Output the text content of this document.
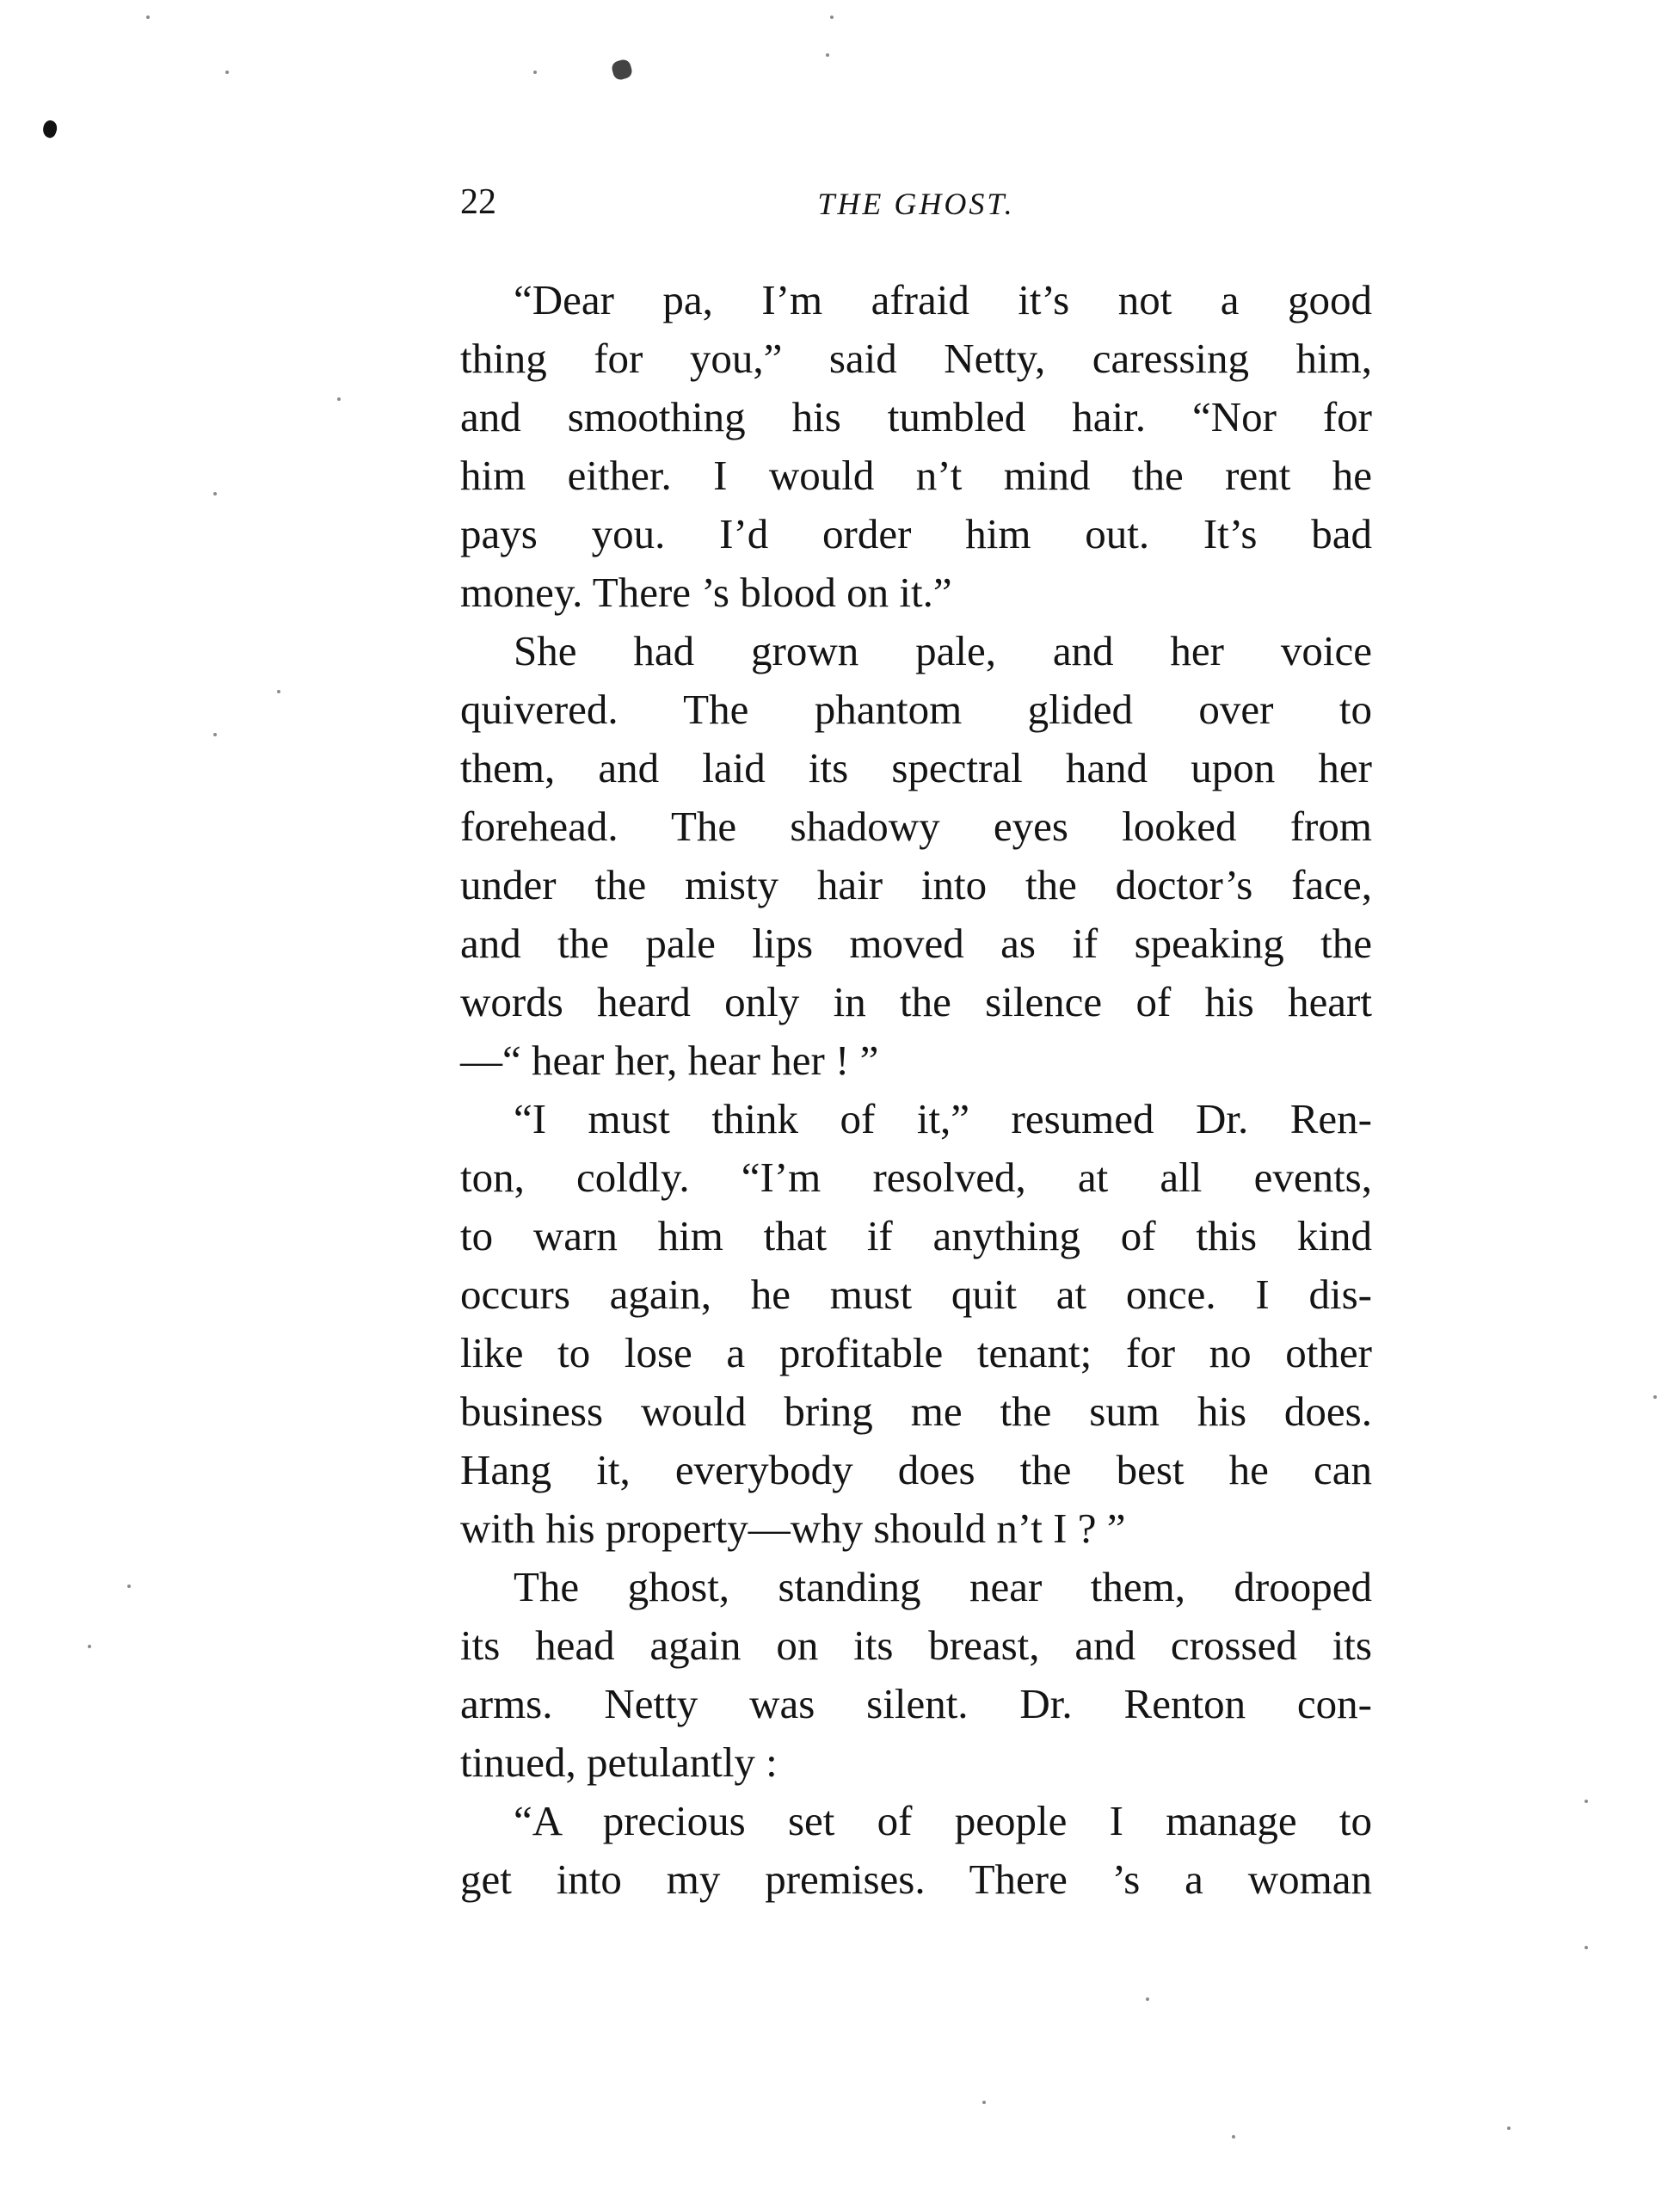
22	THE GHOST.
“Dear pa, I’m afraid it’s not a good
thing for you,” said Netty, caressing him,
and smoothing his tumbled hair. “Nor for
him either. I would n’t mind the rent he
pays you. I’d order him out. It’s bad
money. There ’s blood on it.”
She had grown pale, and her voice
quivered. The phantom glided over to
them, and laid its spectral hand upon her
forehead. The shadowy eyes looked from
under the misty hair into the doctor’s face,
and the pale lips moved as if speaking the
words heard only in the silence of his heart
—“ hear her, hear her ! ”
“I must think of it,” resumed Dr. Ren-
ton, coldly. “I’m resolved, at all events,
to warn him that if anything of this kind
occurs again, he must quit at once. I dis-
like to lose a profitable tenant; for no other
business would bring me the sum his does.
Hang it, everybody does the best he can
with his property—why should n’t I ? ”
The ghost, standing near them, drooped
its head again on its breast, and crossed its
arms. Netty was silent. Dr. Renton con-
tinued, petulantly :
“A precious set of people I manage to
get into my premises. There ’s a woman
